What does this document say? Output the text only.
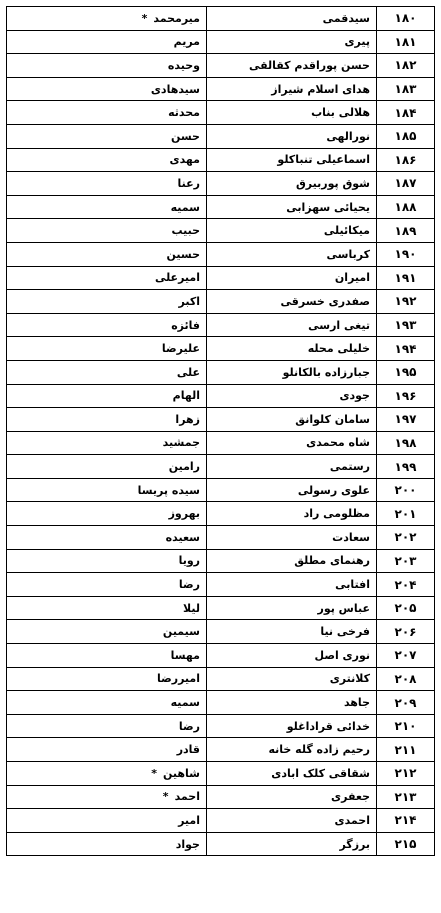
۱۸۰	سیدقمی	میرمحمد*
۱۸۱	پیری	مریم
۱۸۲	حسن پوراقدم کقالقی	وحیده
۱۸۳	هدای اسلام شیراز	سیدهادی
۱۸۴	هلالی بناب	محدثه
۱۸۵	نورالهی	حسن
۱۸۶	اسماعیلی تنباکلو	مهدی
۱۸۷	شوق پوربیرق	رعنا
۱۸۸	یحیائی سهزابی	سمیه
۱۸۹	میکائیلی	حبیب
۱۹۰	کرباسی	حسین
۱۹۱	امیران	امیرعلی
۱۹۲	صفدری خسرقی	اکبر
۱۹۳	تیغی ارسی	فائزه
۱۹۴	خلیلی محله	علیرضا
۱۹۵	جبارزاده بالکانلو	علی
۱۹۶	جودی	الهام
۱۹۷	سامان کلوانق	زهرا
۱۹۸	شاه محمدی	جمشید
۱۹۹	رستمی	رامین
۲۰۰	علوی رسولی	سیده پریسا
۲۰۱	مظلومی راد	بهروز
۲۰۲	سعادت	سعیده
۲۰۳	رهنمای مطلق	رویا
۲۰۴	افتابی	رضا
۲۰۵	عباس پور	لیلا
۲۰۶	فرخی نیا	سیمین
۲۰۷	نوری اصل	مهسا
۲۰۸	کلانتری	امیررضا
۲۰۹	جاهد	سمیه
۲۱۰	خدائی قراداغلو	رضا
۲۱۱	رحیم زاده گله خانه	قادر
۲۱۲	شقاقی کلک ابادی	شاهین*
۲۱۳	جعفری	احمد*
۲۱۴	احمدی	امیر
۲۱۵	برزگر	جواد
